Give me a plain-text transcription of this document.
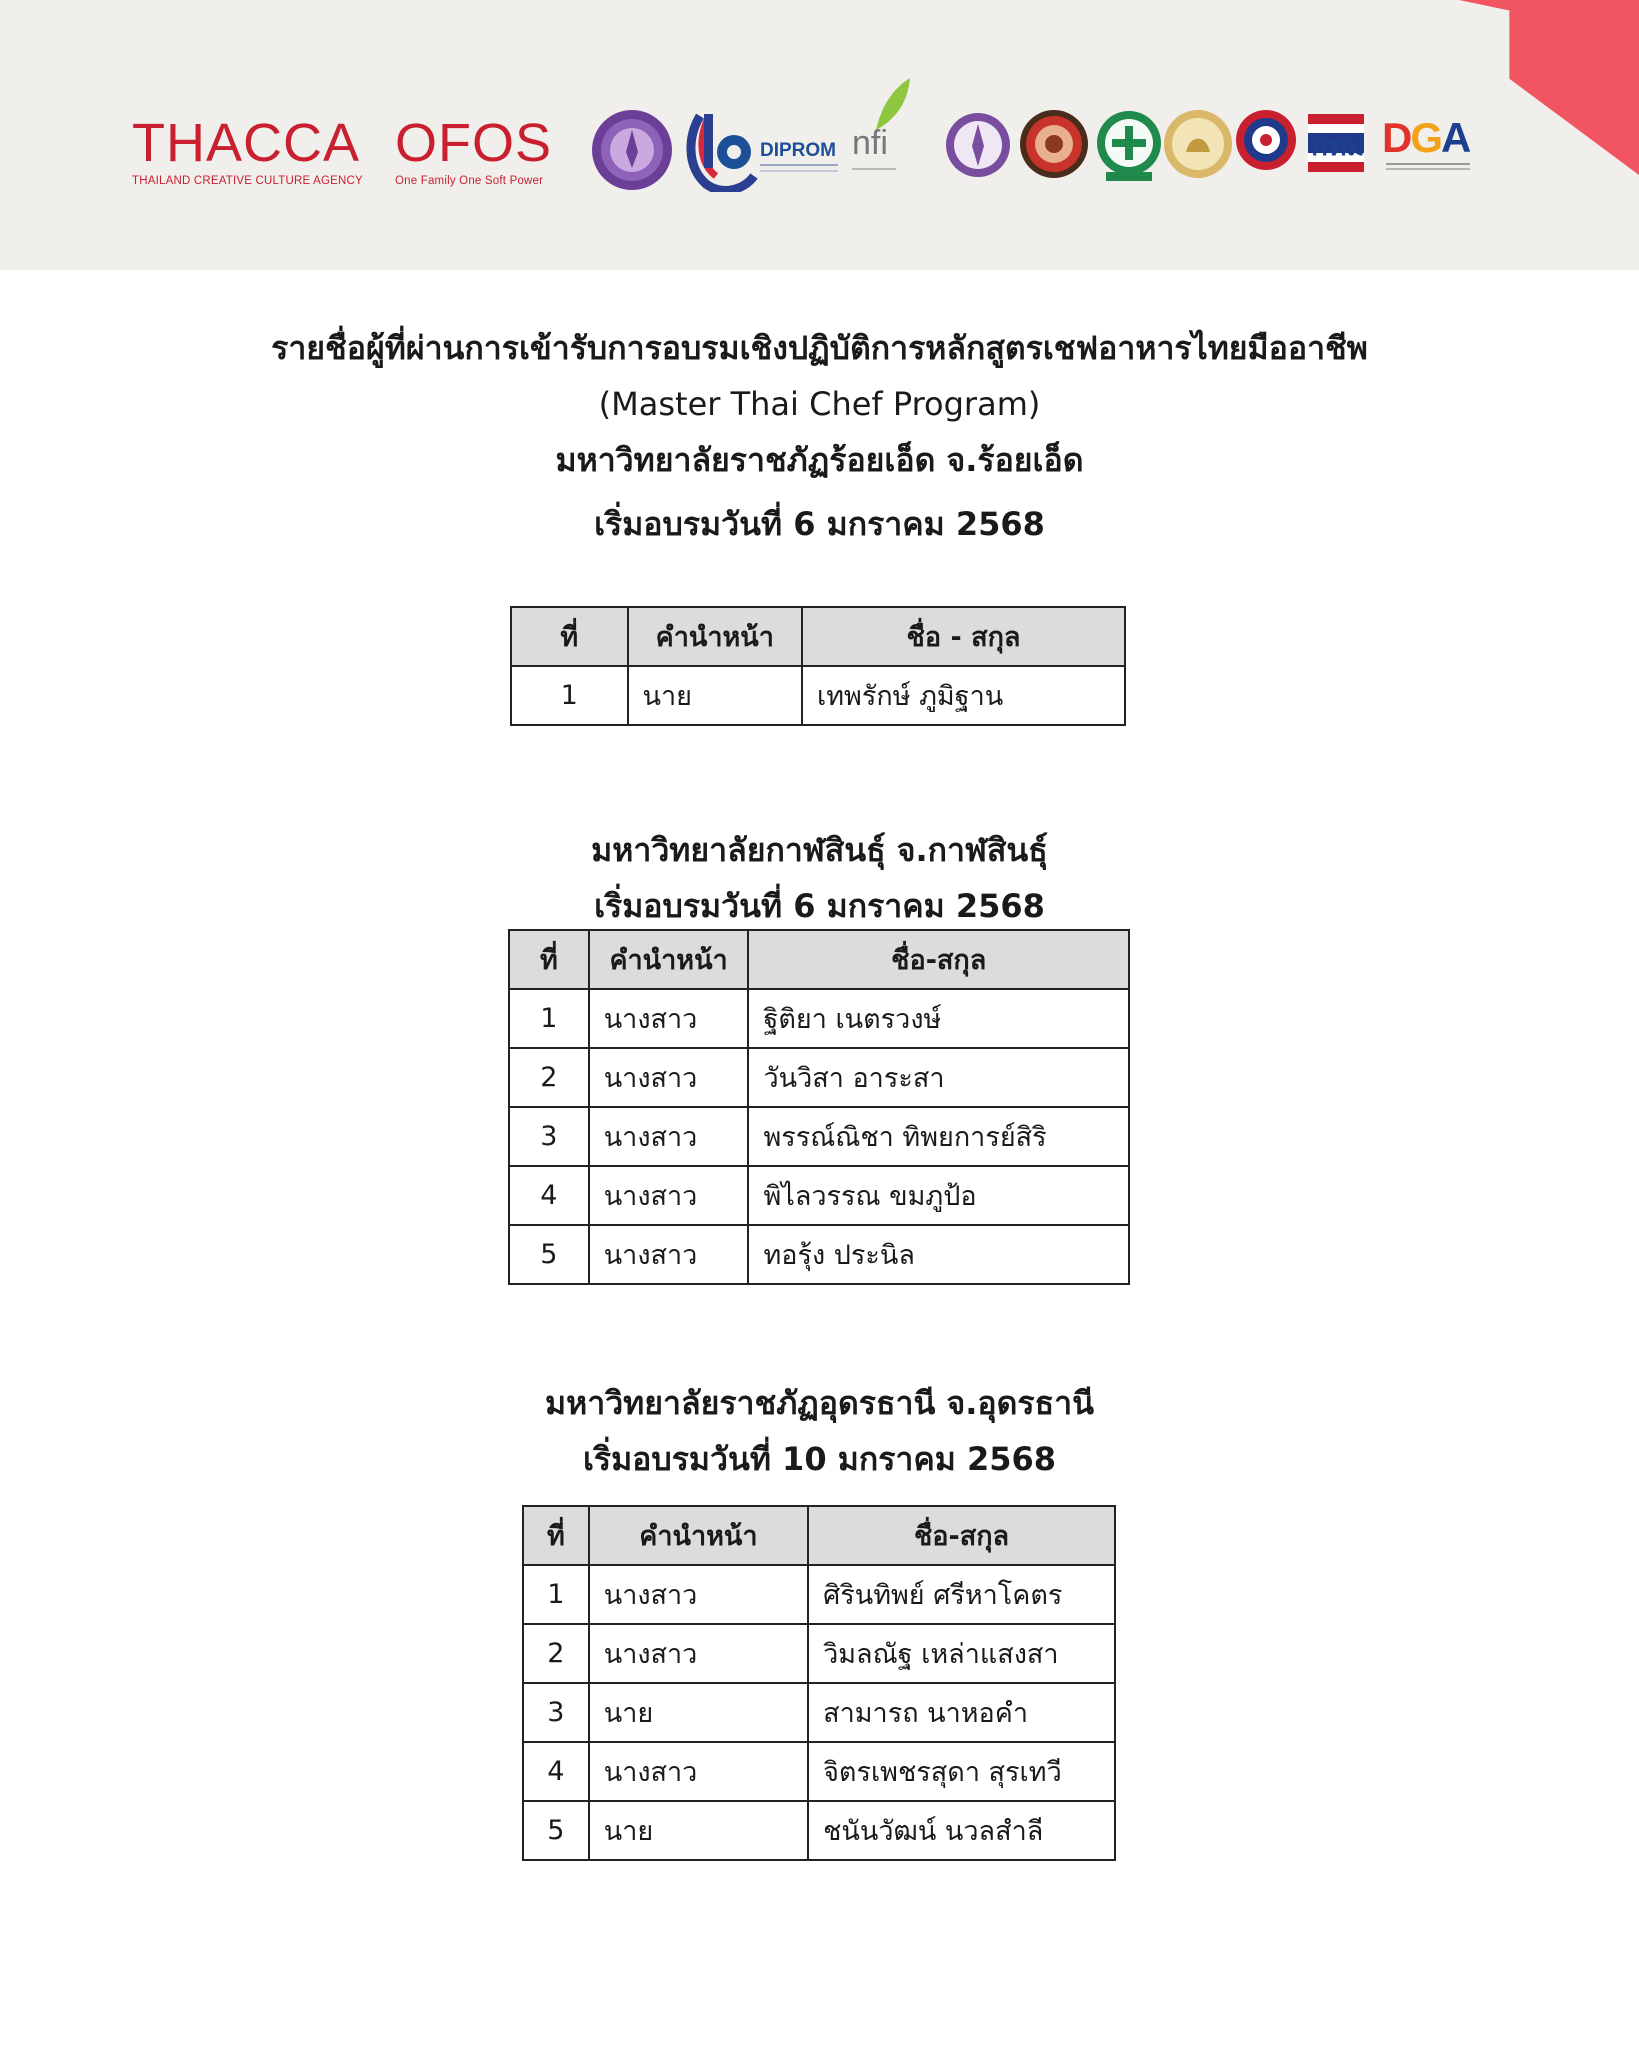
THACCA
THAILAND CREATIVE CULTURE AGENCY
OFOS
One Family One Soft Power
DIPROM nfi	กทม DGA
รายชื่อผู้ที่ผ่านการเข้ารับการอบรมเชิงปฏิบัติการหลักสูตรเชฟอาหารไทยมืออาชีพ
(Master Thai Chef Program)
มหาวิทยาลัยราชภัฏร้อยเอ็ด จ.ร้อยเอ็ด
เริ่มอบรมวันที่ 6 มกราคม 2568
ที่	คำนำหน้า	ชื่อ - สกุล
1	นาย	เทพรักษ์ ภูมิฐาน
มหาวิทยาลัยกาฬสินธุ์ จ.กาฬสินธุ์
เริ่มอบรมวันที่ 6 มกราคม 2568
ที่	คำนำหน้า	ชื่อ-สกุล
1	นางสาว	ฐิติยา เนตรวงษ์
2	นางสาว	วันวิสา อาระสา
3	นางสาว	พรรณ์ณิชา ทิพยการย์สิริ
4	นางสาว	พิไลวรรณ ขมภูป้อ
5	นางสาว	ทอรุ้ง ประนิล
มหาวิทยาลัยราชภัฏอุดรธานี จ.อุดรธานี
เริ่มอบรมวันที่ 10 มกราคม 2568
ที่	คำนำหน้า	ชื่อ-สกุล
1	นางสาว	ศิรินทิพย์ ศรีหาโคตร
2	นางสาว	วิมลณัฐ เหล่าแสงสา
3	นาย	สามารถ นาหอคำ
4	นางสาว	จิตรเพชรสุดา สุรเทวี
5	นาย	ชนันวัฒน์ นวลสำลี
